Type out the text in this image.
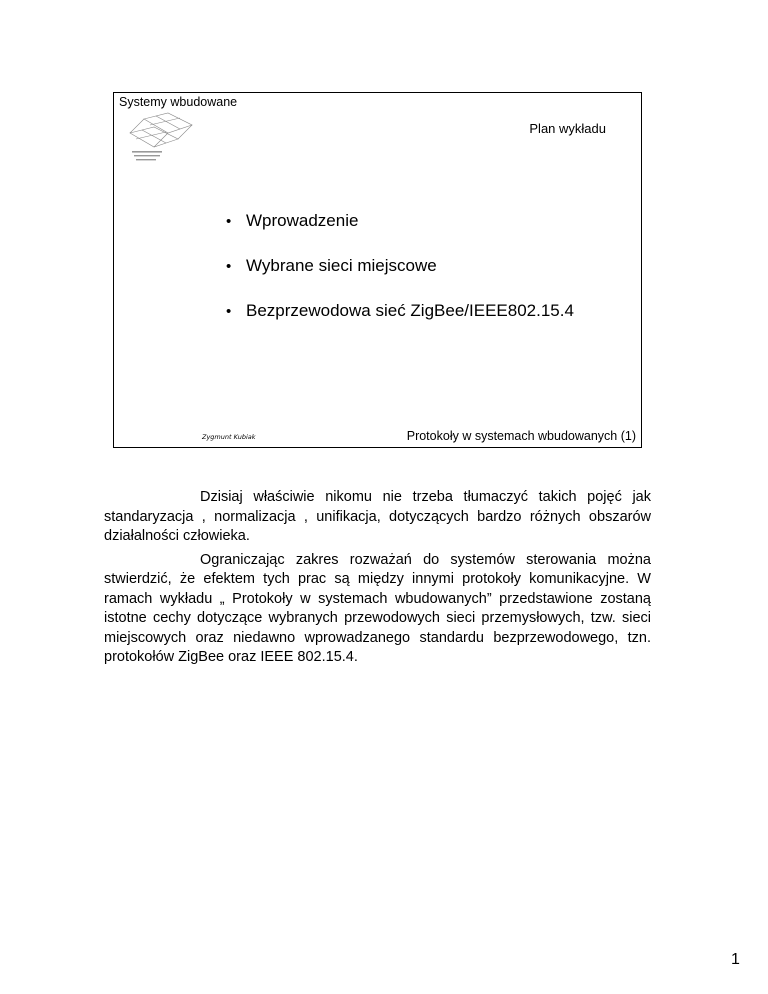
Systemy wbudowane
Plan wykładu
• Wprowadzenie
• Wybrane sieci miejscowe
• Bezprzewodowa sieć ZigBee/IEEE802.15.4
Zygmunt Kubiak	Protokoły w systemach wbudowanych (1)

Dzisiaj właściwie nikomu nie trzeba tłumaczyć takich pojęć jak standaryzacja , normalizacja , unifikacja, dotyczących bardzo różnych obszarów działalności człowieka.

Ograniczając zakres rozważań do systemów sterowania można stwierdzić, że efektem tych prac są między innymi protokoły komunikacyjne. W ramach wykładu „ Protokoły w systemach wbudowanych” przedstawione zostaną istotne cechy dotyczące wybranych przewodowych sieci przemysłowych, tzw. sieci miejscowych oraz niedawno wprowadzanego standardu bezprzewodowego, tzn. protokołów ZigBee oraz IEEE 802.15.4.

1
